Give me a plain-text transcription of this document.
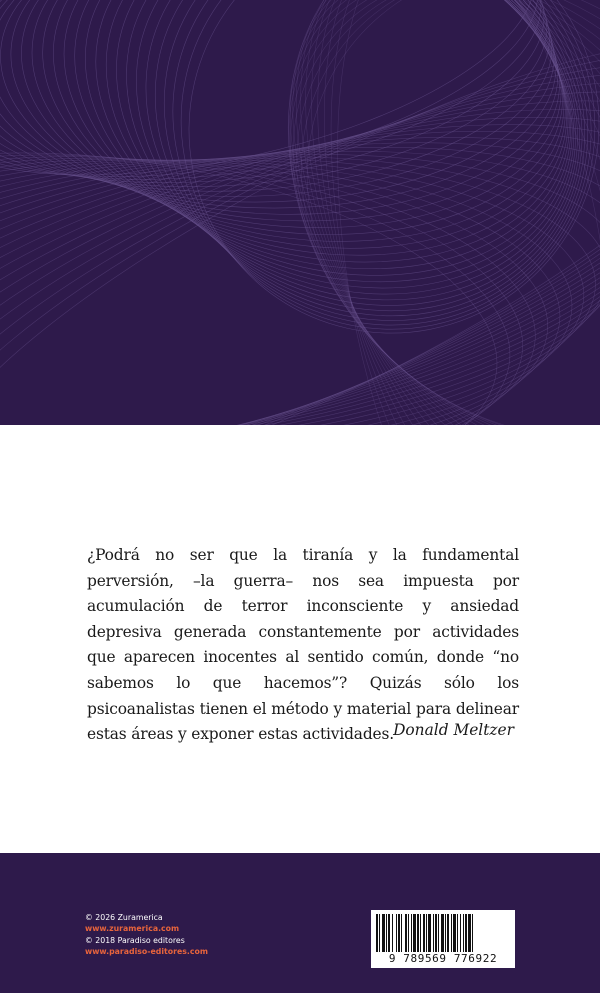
¿Podrá no ser que la tiranía y la fundamental perversión, –la guerra– nos sea impuesta por acumulación de terror inconsciente y ansiedad depresiva generada constantemente por actividades que aparecen inocentes al sentido común, donde “no sabemos lo que hacemos”? Quizás sólo los psicoanalistas tienen el método y material para delinear estas áreas y exponer estas actividades. Donald Meltzer
© 2026 Zuramerica
www.zuramerica.com
© 2018 Paradiso editores
www.paradiso-editores.com
9 789569 776922
